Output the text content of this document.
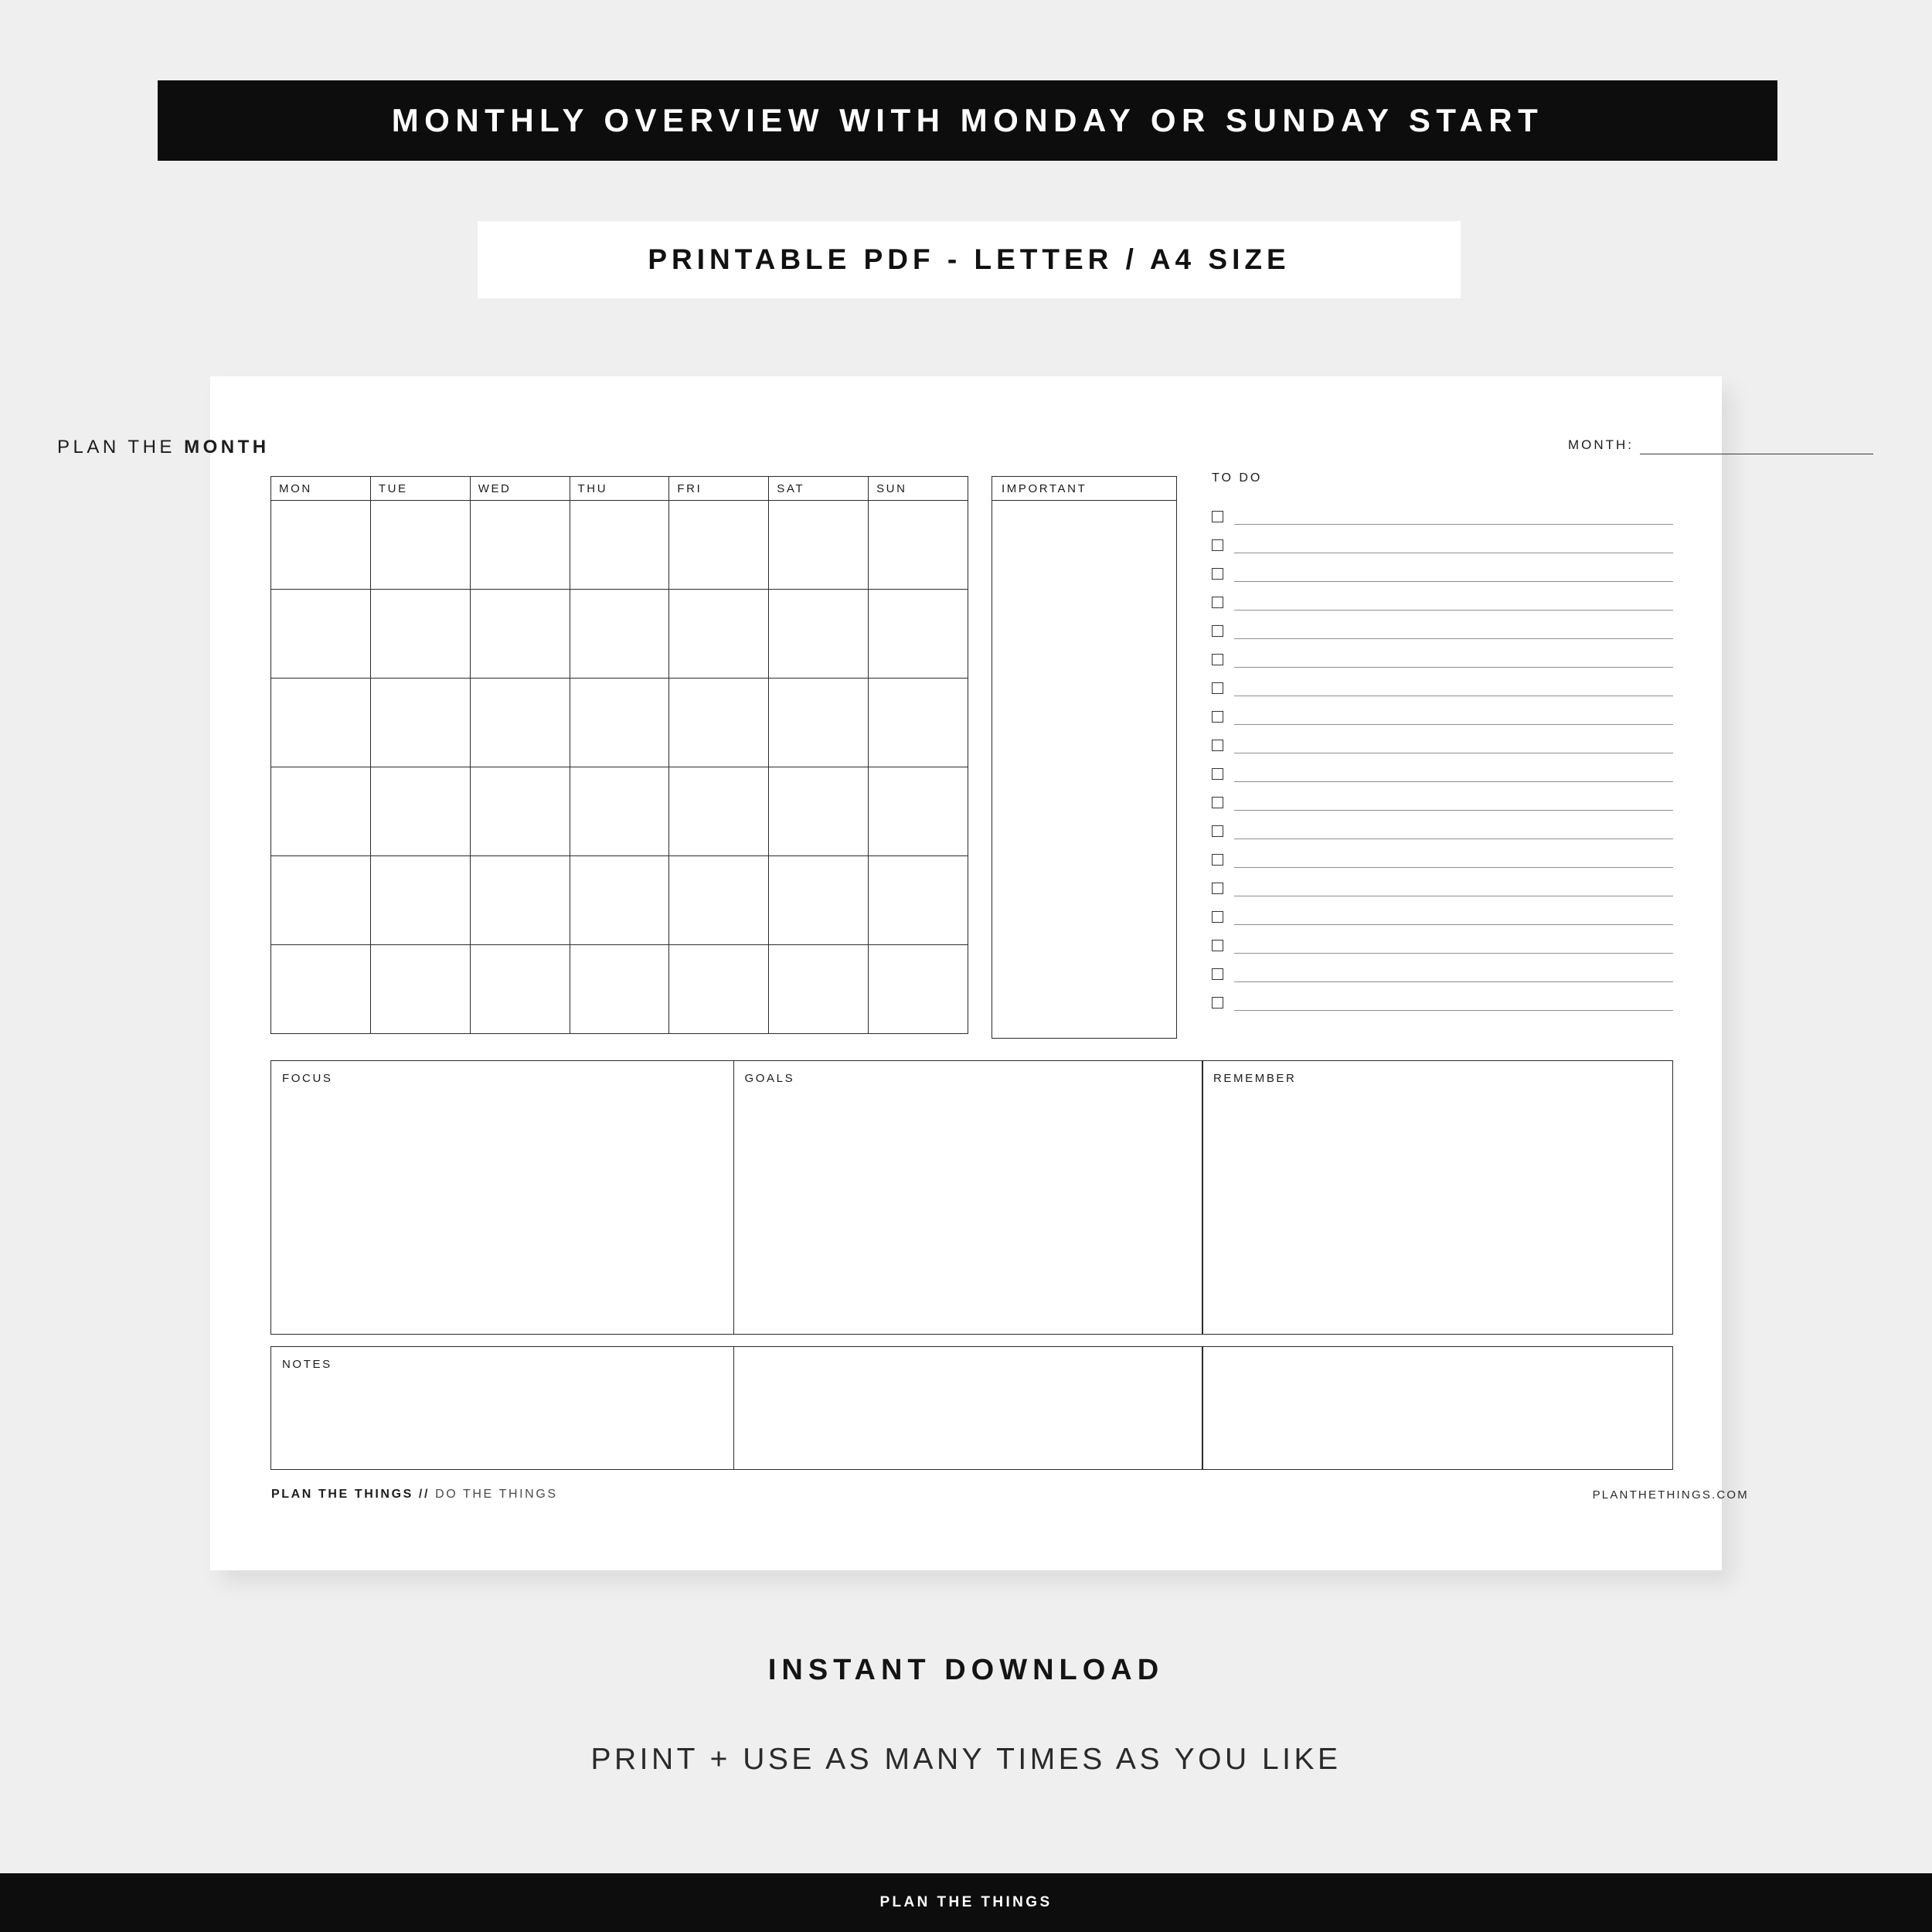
MONTHLY OVERVIEW WITH MONDAY OR SUNDAY START
PRINTABLE PDF - LETTER / A4 SIZE
PLAN THE MONTH	MONTH:
MON	TUE	WED	THU	FRI	SAT	SUN

							IMPORTANT
TO DO
FOCUS	GOALS	REMEMBER
NOTES
PLAN THE THINGS // DO THE THINGS	PLANTHETHINGS.COM
INSTANT DOWNLOAD
PRINT + USE AS MANY TIMES AS YOU LIKE
PLAN THE THINGS
